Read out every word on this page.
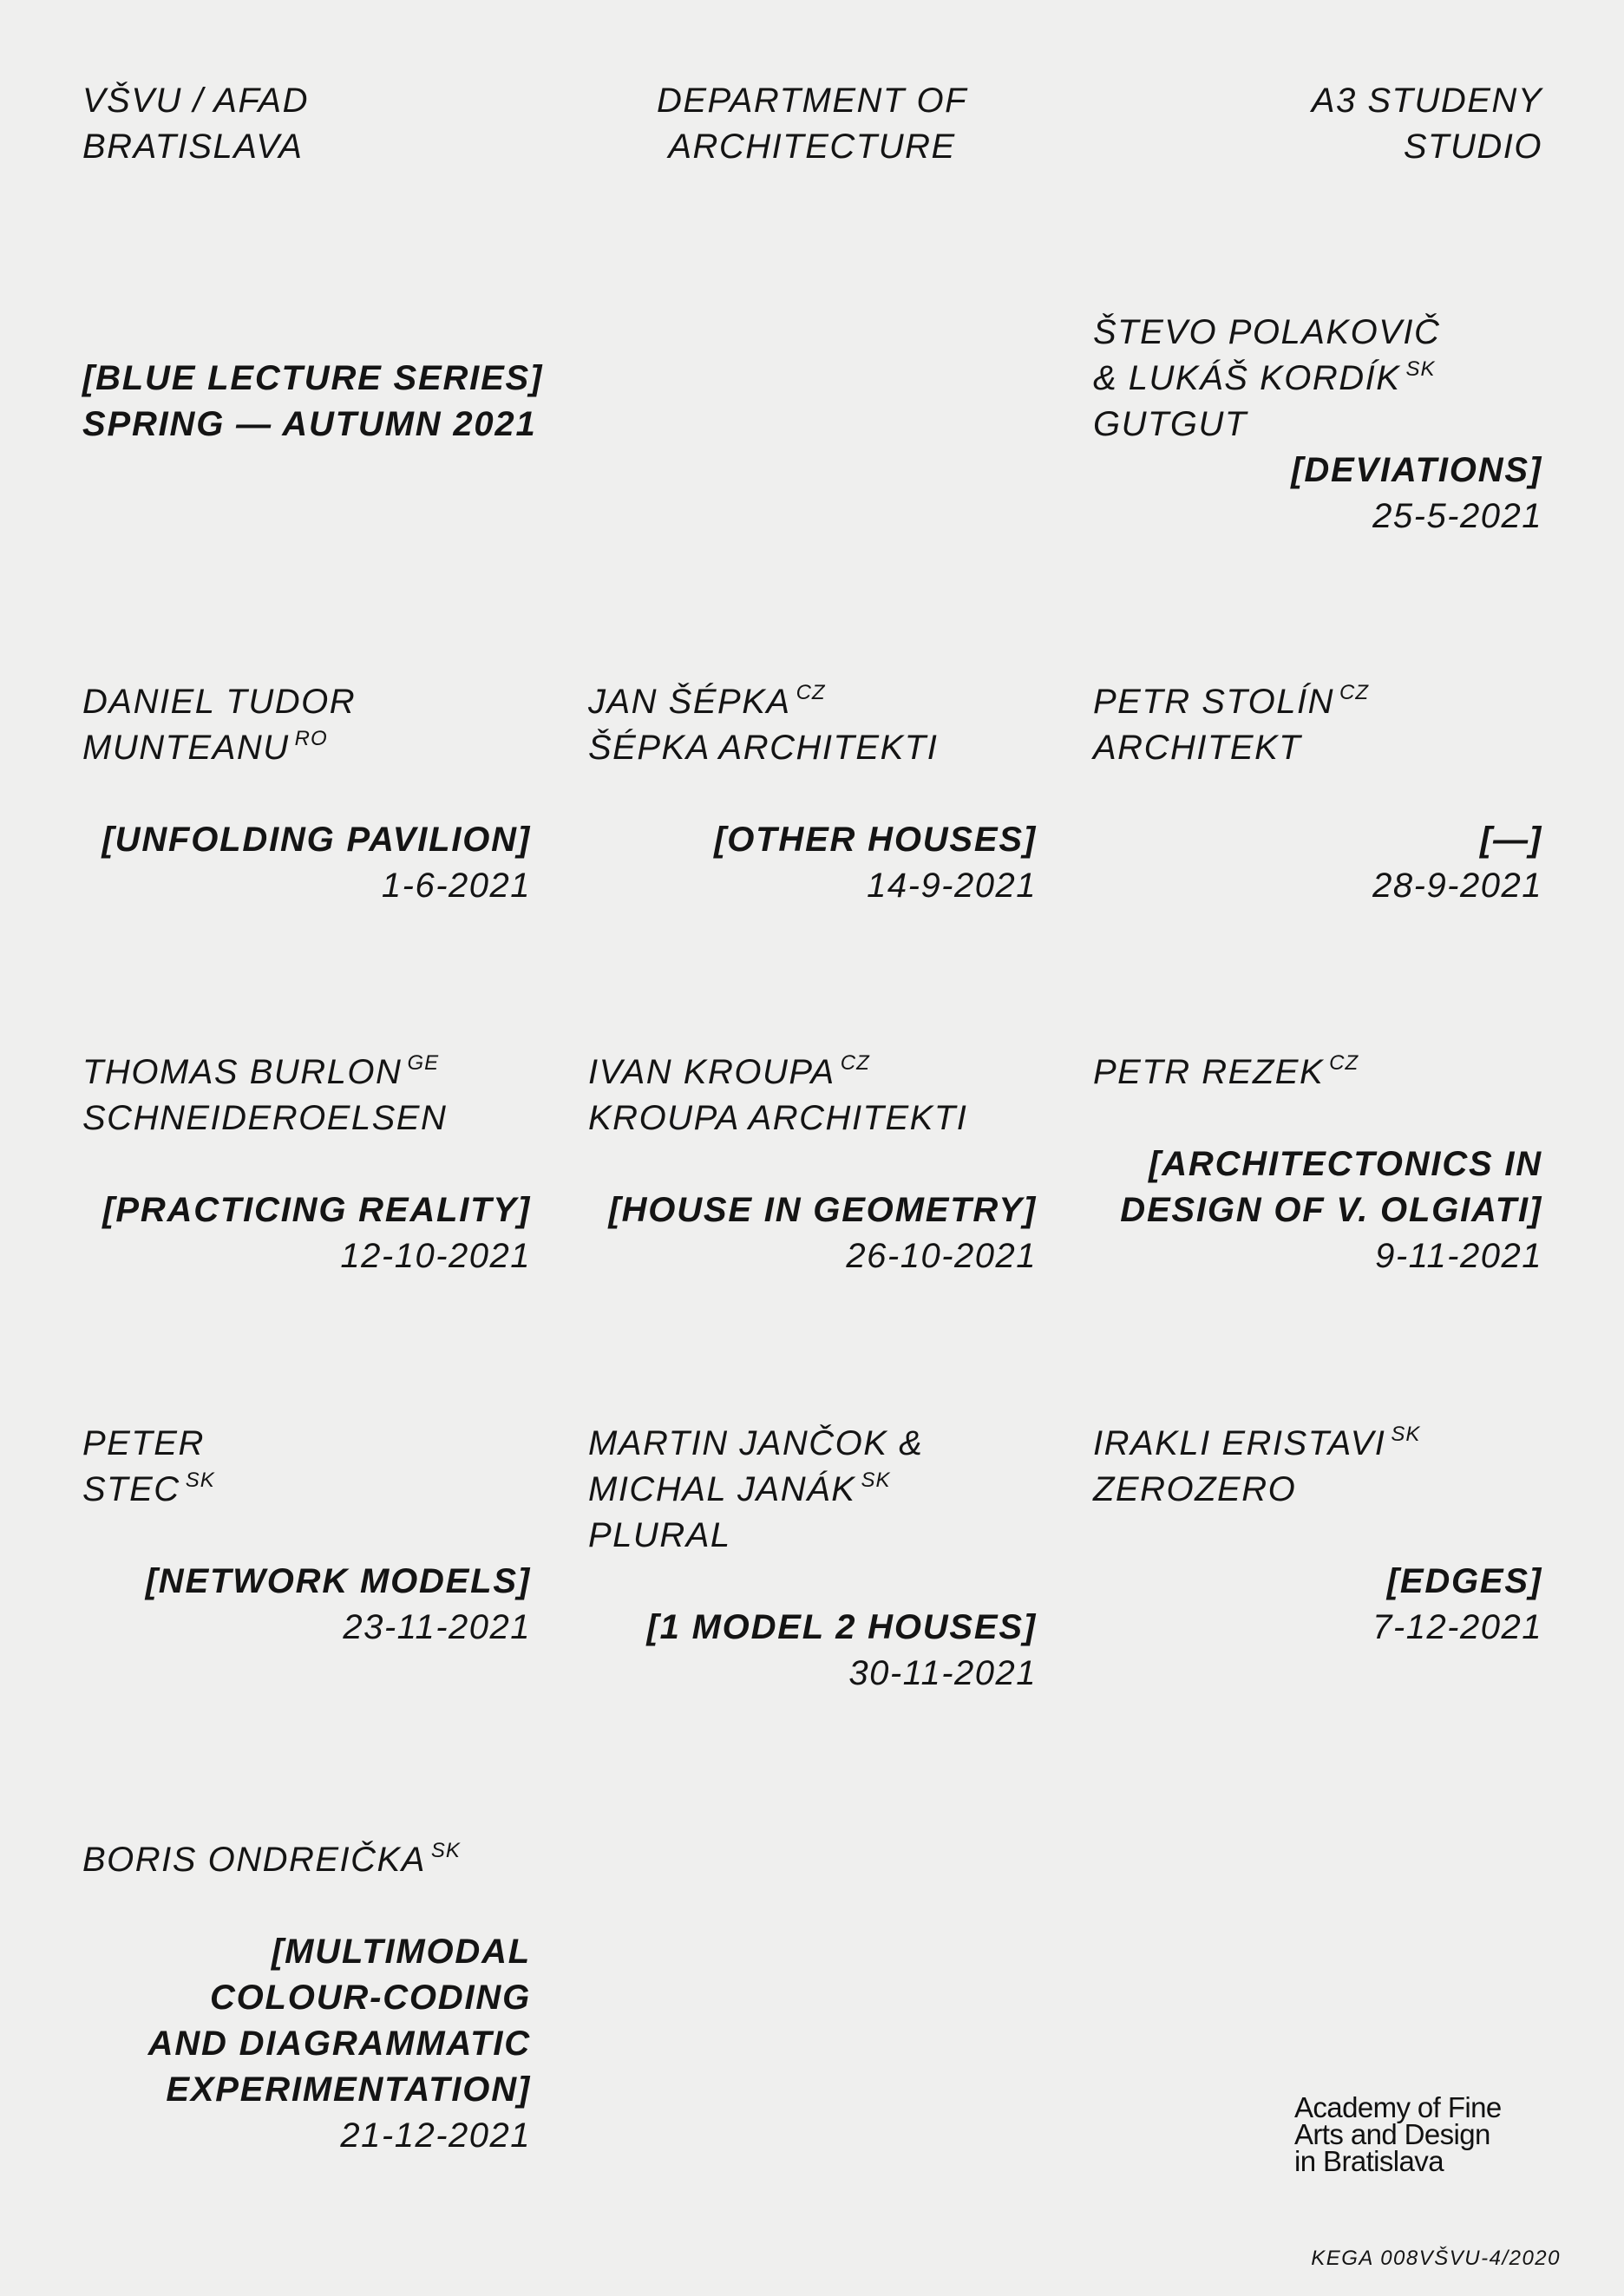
VŠVU / AFAD
BRATISLAVA
DEPARTMENT OF
ARCHITECTURE
A3 STUDENY
STUDIO
[BLUE LECTURE SERIES]
SPRING — AUTUMN 2021
ŠTEVO POLAKOVIČ
& LUKÁŠ KORDÍK $^{SK}$
GUTGUT
[DEVIATIONS]
25-5-2021
DANIEL TUDOR
MUNTEANU $^{RO}$
[UNFOLDING PAVILION]
1-6-2021
JAN ŠÉPKA $^{CZ}$
ŠÉPKA ARCHITEKTI
[OTHER HOUSES]
14-9-2021
PETR STOLÍN $^{CZ}$
ARCHITEKT
[—]
28-9-2021
THOMAS BURLON $^{GE}$
SCHNEIDEROELSEN
[PRACTICING REALITY]
12-10-2021
IVAN KROUPA $^{CZ}$
KROUPA ARCHITEKTI
[HOUSE IN GEOMETRY]
26-10-2021
PETR REZEK $^{CZ}$
[ARCHITECTONICS IN
DESIGN OF V. OLGIATI]
9-11-2021
PETER
STEC $^{SK}$
[NETWORK MODELS]
23-11-2021
MARTIN JANČOK &
MICHAL JANÁK $^{SK}$
PLURAL
[1 MODEL 2 HOUSES]
30-11-2021
IRAKLI ERISTAVI $^{SK}$
ZEROZERO
[EDGES]
7-12-2021
BORIS ONDREIČKA $^{SK}$
[MULTIMODAL
COLOUR-CODING
AND DIAGRAMMATIC
EXPERIMENTATION]
21-12-2021
Academy of Fine
Arts and Design
in Bratislava
KEGA 008VŠVU-4/2020
